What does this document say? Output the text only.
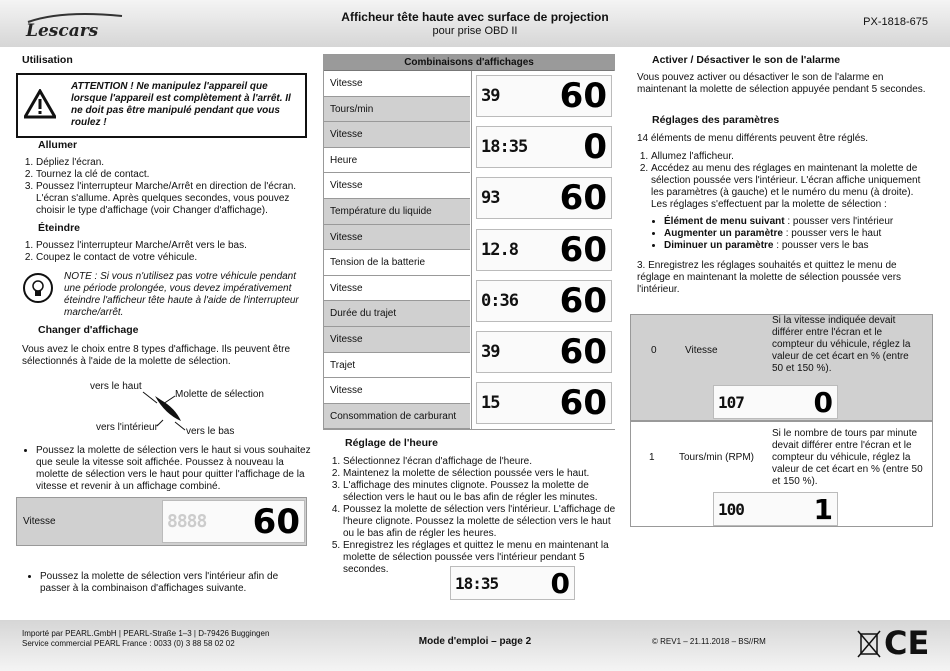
Lescars
Afficheur tête haute avec surface de projection
pour prise OBD II
PX-1818-675
Utilisation
ATTENTION ! Ne manipulez l'appareil que lorsque l'appareil est complètement à l'arrêt. Il ne doit pas être manipulé pendant que vous roulez !
Allumer
1. Dépliez l'écran.
2. Tournez la clé de contact.
3. Poussez l'interrupteur Marche/Arrêt en direction de l'écran. L'écran s'allume. Après quelques secondes, vous pouvez choisir le type d'affichage (voir Changer d'affichage).
Éteindre
1. Poussez l'interrupteur Marche/Arrêt vers le bas.
2. Coupez le contact de votre véhicule.
NOTE : Si vous n'utilisez pas votre véhicule pendant une période prolongée, vous devez impérativement éteindre l'afficheur tête haute à l'aide de l'interrupteur marche/arrêt.
Changer d'affichage
Vous avez le choix entre 8 types d'affichage. Ils peuvent être sélectionnés à l'aide de la molette de sélection.
vers le haut
Molette de sélection
vers l'intérieur	vers le bas
• Poussez la molette de sélection vers le haut si vous souhaitez que seule la vitesse soit affichée. Poussez à nouveau la molette de sélection vers le haut pour quitter l'affichage de la vitesse et revenir à un affichage combiné.
Vitesse	8888 60
• Poussez la molette de sélection vers l'intérieur afin de passer à la combinaison d'affichages suivante.
Combinaisons d'affichages
Vitesse
Tours/min
39 60
Vitesse
Heure
18:35 0
Vitesse
Température du liquide
93 60
Vitesse
Tension de la batterie
12.8 60
Vitesse
Durée du trajet
0:36 60
Vitesse
Trajet
39 60
Vitesse
Consommation de carburant
15 60
Réglage de l'heure
1. Sélectionnez l'écran d'affichage de l'heure.
2. Maintenez la molette de sélection poussée vers le haut.
3. L'affichage des minutes clignote. Poussez la molette de sélection vers le haut ou le bas afin de régler les minutes.
4. Poussez la molette de sélection vers l'intérieur. L'affichage de l'heure clignote. Poussez la molette de sélection vers le haut ou le bas afin de régler les heures.
5. Enregistrez les réglages et quittez le menu en maintenant la molette de sélection poussée vers l'intérieur pendant 5 secondes.
18:35 0
Activer / Désactiver le son de l'alarme
Vous pouvez activer ou désactiver le son de l'alarme en maintenant la molette de sélection appuyée pendant 5 secondes.
Réglages des paramètres
14 éléments de menu différents peuvent être réglés.
1. Allumez l'afficheur.
2. Accédez au menu des réglages en maintenant la molette de sélection poussée vers l'intérieur. L'écran affiche uniquement les paramètres (à gauche) et le numéro du menu (à droite). Les réglages s'effectuent par la molette de sélection :
• Élément de menu suivant : pousser vers l'intérieur
• Augmenter un paramètre : pousser vers le haut
• Diminuer un paramètre : pousser vers le bas
3. Enregistrez les réglages souhaités et quittez le menu de réglage en maintenant la molette de sélection poussée vers l'intérieur.
0	Vitesse
Si la vitesse indiquée devait différer entre l'écran et le compteur du véhicule, réglez la valeur de cet écart en % (entre 50 et 150 %).
107 0
1 Tours/min (RPM)
Si le nombre de tours par minute devait différer entre l'écran et le compteur du véhicule, réglez la valeur de cet écart en % (entre 50 et 150 %).
100 1
Importé par PEARL.GmbH | PEARL-Straße 1–3 | D-79426 Buggingen
Service commercial PEARL France : 0033 (0) 3 88 58 02 02	Mode d'emploi – page 2	© REV1 – 21.11.2018 – BS//RM	CE
